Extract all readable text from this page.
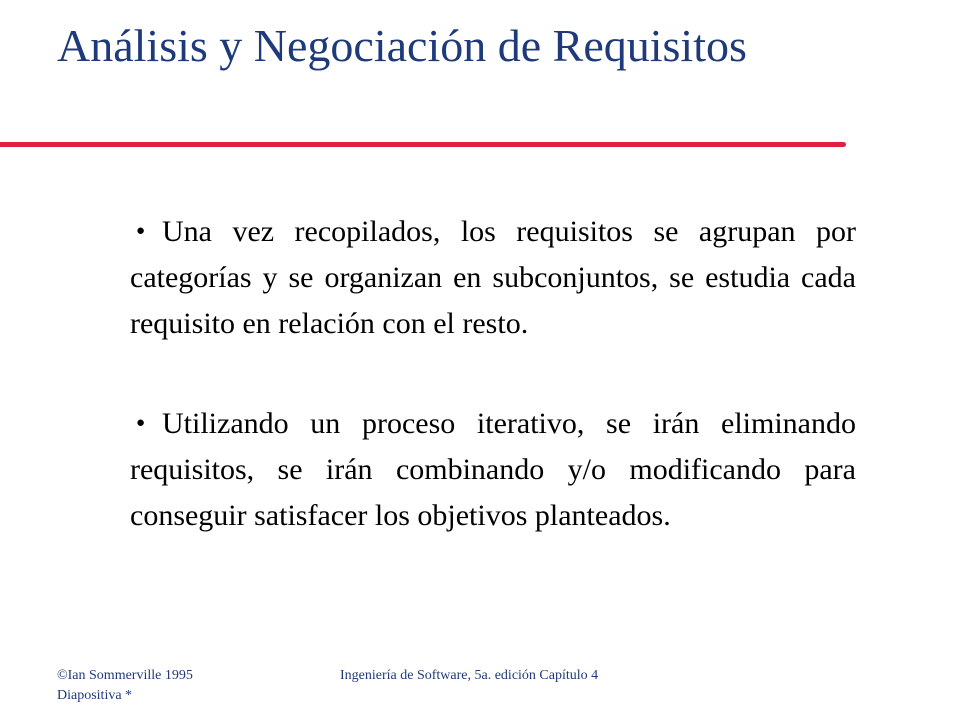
Análisis y Negociación de Requisitos

● Una vez recopilados, los requisitos se agrupan por categorías y se organizan en subconjuntos, se estudia cada requisito en relación con el resto.

● Utilizando un proceso iterativo, se irán eliminando requisitos, se irán combinando y/o modificando para conseguir satisfacer los objetivos planteados.

©Ian Sommerville 1995
Diapositiva *
Ingeniería de Software, 5a. edición Capítulo 4
